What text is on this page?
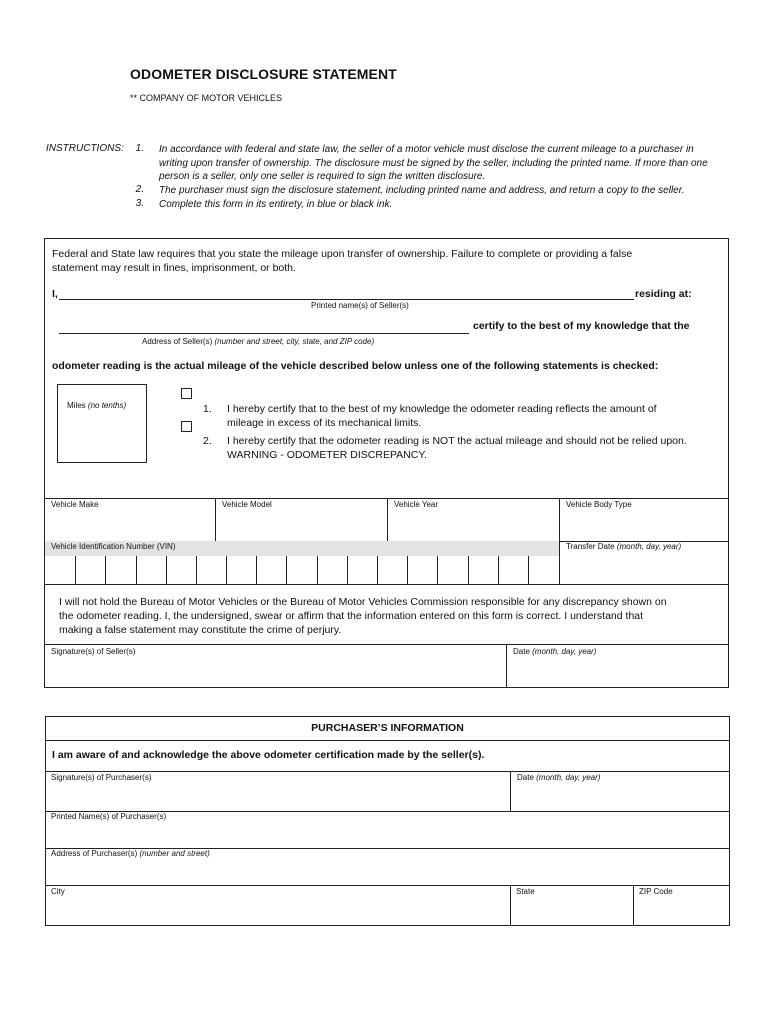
ODOMETER DISCLOSURE STATEMENT
** COMPANY OF MOTOR VEHICLES
INSTRUCTIONS:	1. In accordance with federal and state law, the seller of a motor vehicle must disclose the current mileage to a purchaser in
writing upon transfer of ownership. The disclosure must be signed by the seller, including the printed name. If more than one
person is a seller, only one seller is required to sign the written disclosure.
2. The purchaser must sign the disclosure statement, including printed name and address, and return a copy to the seller.
3. Complete this form in its entirety, in blue or black ink.
Federal and State law requires that you state the mileage upon transfer of ownership. Failure to complete or providing a false
statement may result in fines, imprisonment, or both.
I,	residing at:
Printed name(s) of Seller(s)
certify to the best of my knowledge that the
Address of Seller(s) (number and street, city, state, and ZIP code)
odometer reading is the actual mileage of the vehicle described below unless one of the following statements is checked:
Miles (no tenths)	1. I hereby certify that to the best of my knowledge the odometer reading reflects the amount of
mileage in excess of its mechanical limits.
2. I hereby certify that the odometer reading is NOT the actual mileage and should not be relied upon.
WARNING - ODOMETER DISCREPANCY.
Vehicle Make	Vehicle Model	Vehicle Year	Vehicle Body Type
Vehicle Identification Number (VIN)	Transfer Date (month, day, year)
I will not hold the Bureau of Motor Vehicles or the Bureau of Motor Vehicles Commission responsible for any discrepancy shown on
the odometer reading. I, the undersigned, swear or affirm that the information entered on this form is correct. I understand that
making a false statement may constitute the crime of perjury.
Signature(s) of Seller(s)	Date (month, day, year)
PURCHASER’S INFORMATION
I am aware of and acknowledge the above odometer certification made by the seller(s).
Signature(s) of Purchaser(s)	Date (month, day, year)
Printed Name(s) of Purchaser(s)
Address of Purchaser(s) (number and street)
City	State	ZIP Code
